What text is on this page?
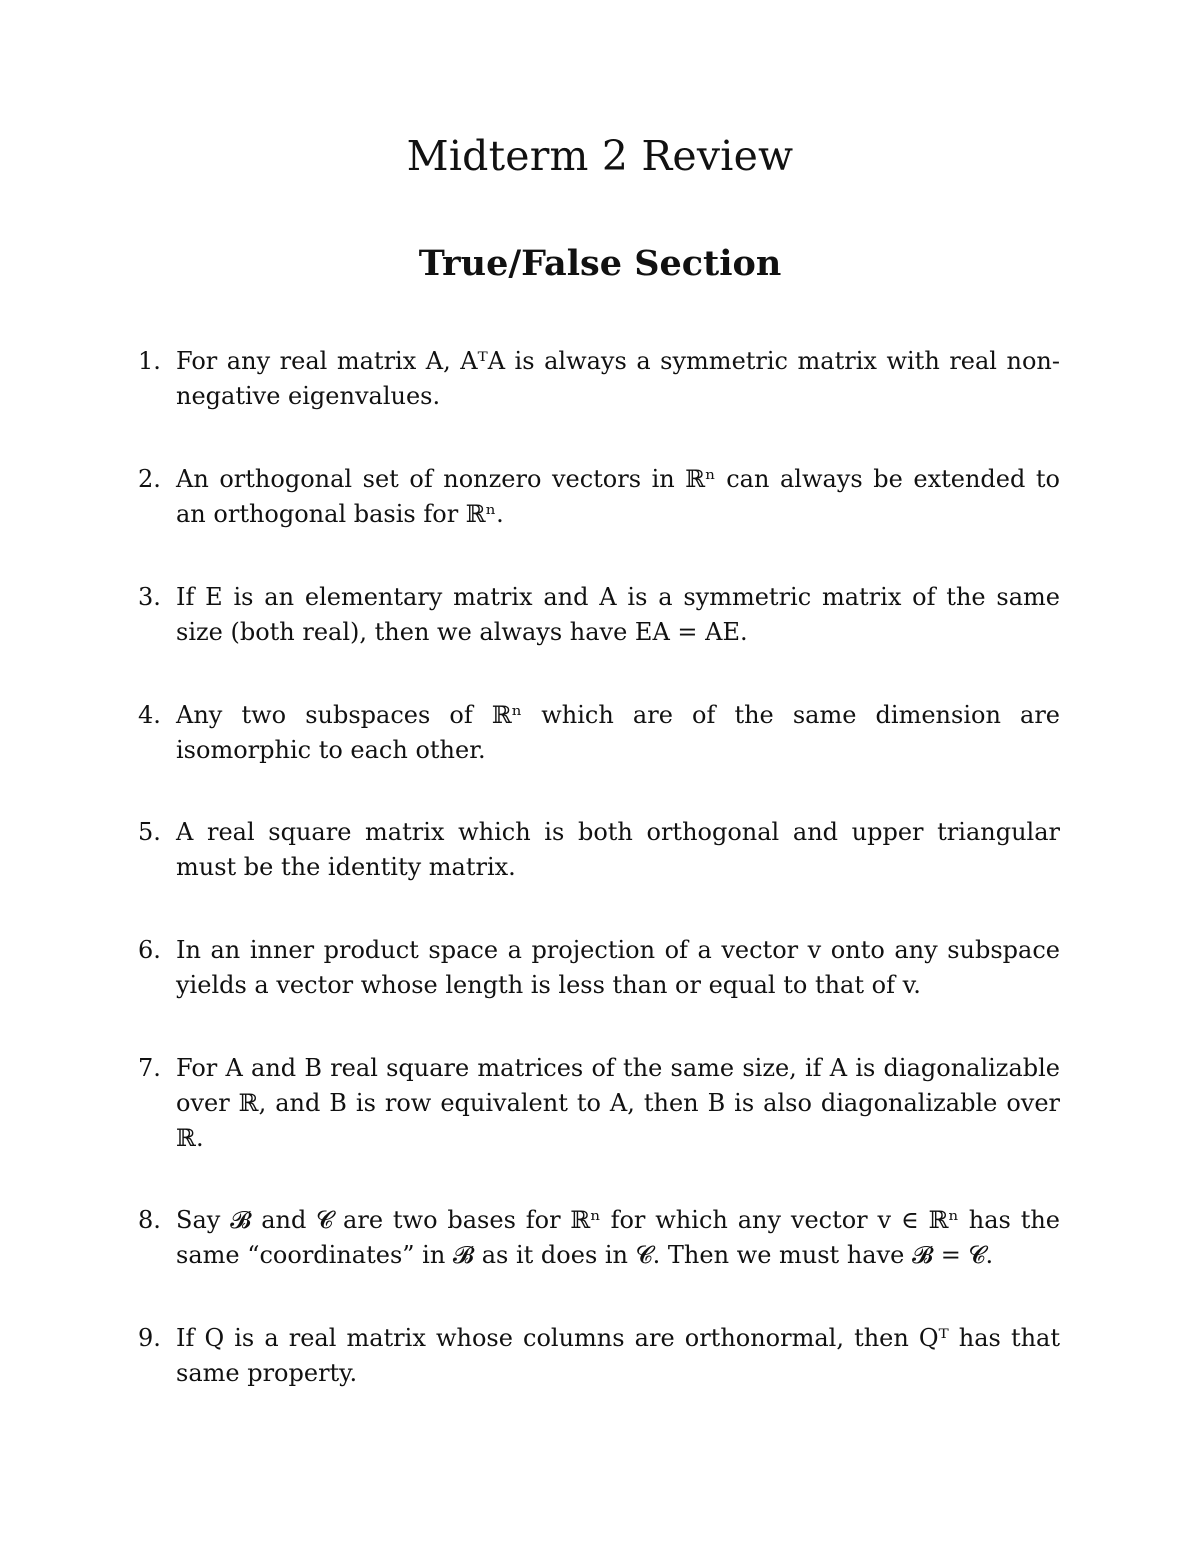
Midterm 2 Review
True/False Section
1. For any real matrix A, AᵀA is always a symmetric matrix with real non-negative eigenvalues.
2. An orthogonal set of nonzero vectors in ℝⁿ can always be extended to an orthogonal basis for ℝⁿ.
3. If E is an elementary matrix and A is a symmetric matrix of the same size (both real), then we always have EA = AE.
4. Any two subspaces of ℝⁿ which are of the same dimension are isomorphic to each other.
5. A real square matrix which is both orthogonal and upper triangular must be the identity matrix.
6. In an inner product space a projection of a vector v onto any subspace yields a vector whose length is less than or equal to that of v.
7. For A and B real square matrices of the same size, if A is diagonalizable over ℝ, and B is row equivalent to A, then B is also diagonalizable over ℝ.
8. Say 𝓑 and 𝓒 are two bases for ℝⁿ for which any vector v ∈ ℝⁿ has the same “coordinates” in 𝓑 as it does in 𝓒. Then we must have 𝓑 = 𝓒.
9. If Q is a real matrix whose columns are orthonormal, then Qᵀ has that same property.
